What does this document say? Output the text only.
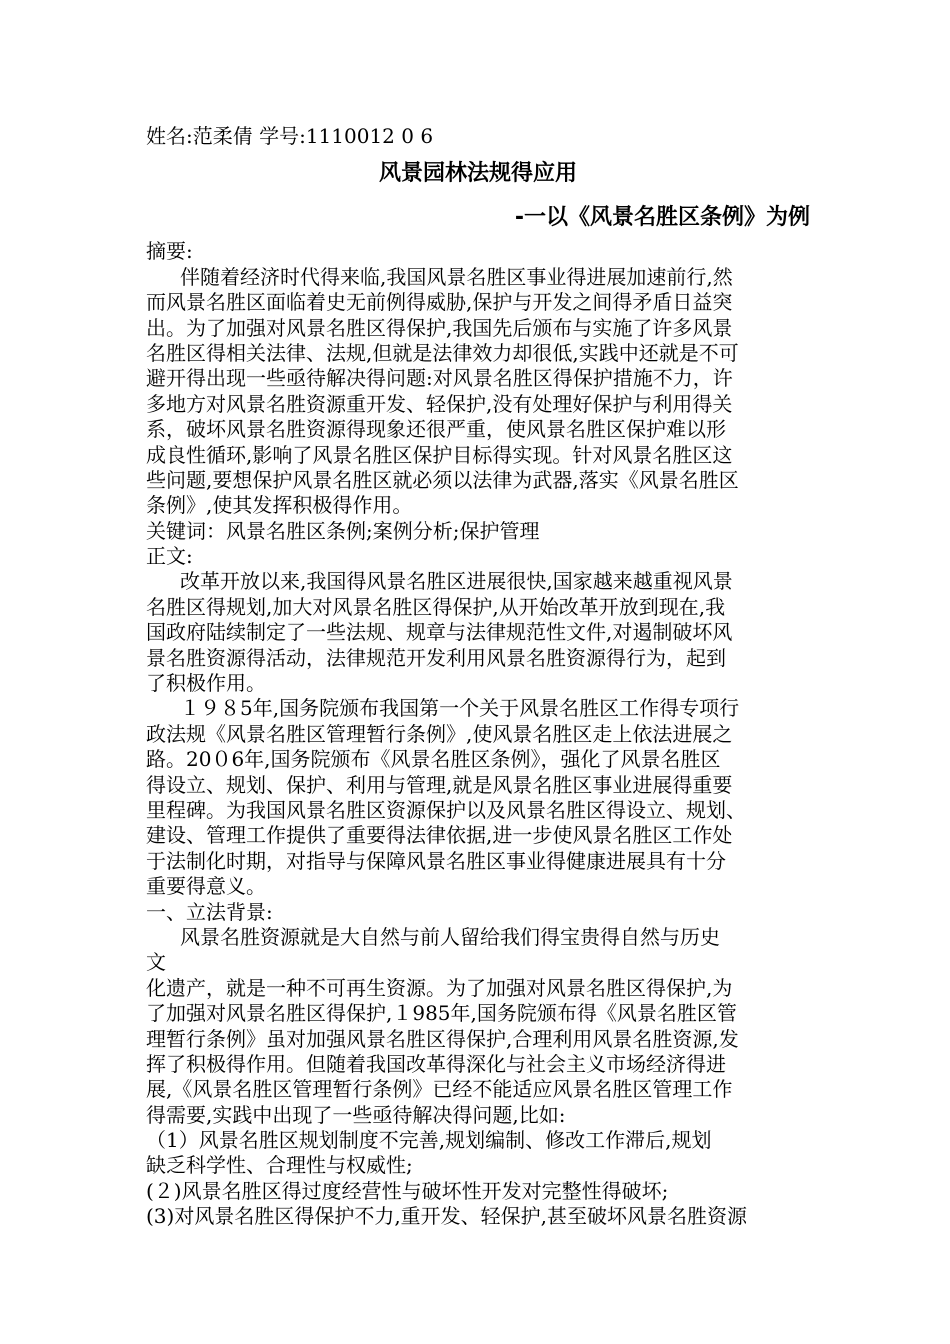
姓名:范柔倩 学号:1110012 0 6
风景园林法规得应用
-一以《风景名胜区条例》为例
摘要:
伴随着经济时代得来临,我国风景名胜区事业得进展加速前行,然
而风景名胜区面临着史无前例得威胁,保护与开发之间得矛盾日益突
出。为了加强对风景名胜区得保护,我国先后颁布与实施了许多风景
名胜区得相关法律、法规,但就是法律效力却很低,实践中还就是不可
避开得出现一些亟待解决得问题:对风景名胜区得保护措施不力，许
多地方对风景名胜资源重开发、轻保护,没有处理好保护与利用得关
系，破坏风景名胜资源得现象还很严重，使风景名胜区保护难以形
成良性循环,影响了风景名胜区保护目标得实现。针对风景名胜区这
些问题,要想保护风景名胜区就必须以法律为武器,落实《风景名胜区
条例》,使其发挥积极得作用。
关键词：风景名胜区条例;案例分析;保护管理
正文:
改革开放以来,我国得风景名胜区进展很快,国家越来越重视风景
名胜区得规划,加大对风景名胜区得保护,从开始改革开放到现在,我
国政府陆续制定了一些法规、规章与法律规范性文件,对遏制破坏风
景名胜资源得活动，法律规范开发利用风景名胜资源得行为，起到
了积极作用。
１９８5年,国务院颁布我国第一个关于风景名胜区工作得专项行
政法规《风景名胜区管理暂行条例》,使风景名胜区走上依法进展之
路。20０6年,国务院颁布《风景名胜区条例》，强化了风景名胜区
得设立、规划、保护、利用与管理,就是风景名胜区事业进展得重要
里程碑。为我国风景名胜区资源保护以及风景名胜区得设立、规划、
建设、管理工作提供了重要得法律依据,进一步使风景名胜区工作处
于法制化时期，对指导与保障风景名胜区事业得健康进展具有十分
重要得意义。
一、立法背景:
风景名胜资源就是大自然与前人留给我们得宝贵得自然与历史
文
化遗产，就是一种不可再生资源。为了加强对风景名胜区得保护,为
了加强对风景名胜区得保护,１985年,国务院颁布得《风景名胜区管
理暂行条例》虽对加强风景名胜区得保护,合理利用风景名胜资源,发
挥了积极得作用。但随着我国改革得深化与社会主义市场经济得进
展,《风景名胜区管理暂行条例》已经不能适应风景名胜区管理工作
得需要,实践中出现了一些亟待解决得问题,比如:
（1）风景名胜区规划制度不完善,规划编制、修改工作滞后,规划
缺乏科学性、合理性与权威性;
(２)风景名胜区得过度经营性与破坏性开发对完整性得破坏;
(3)对风景名胜区得保护不力,重开发、轻保护,甚至破坏风景名胜资源
